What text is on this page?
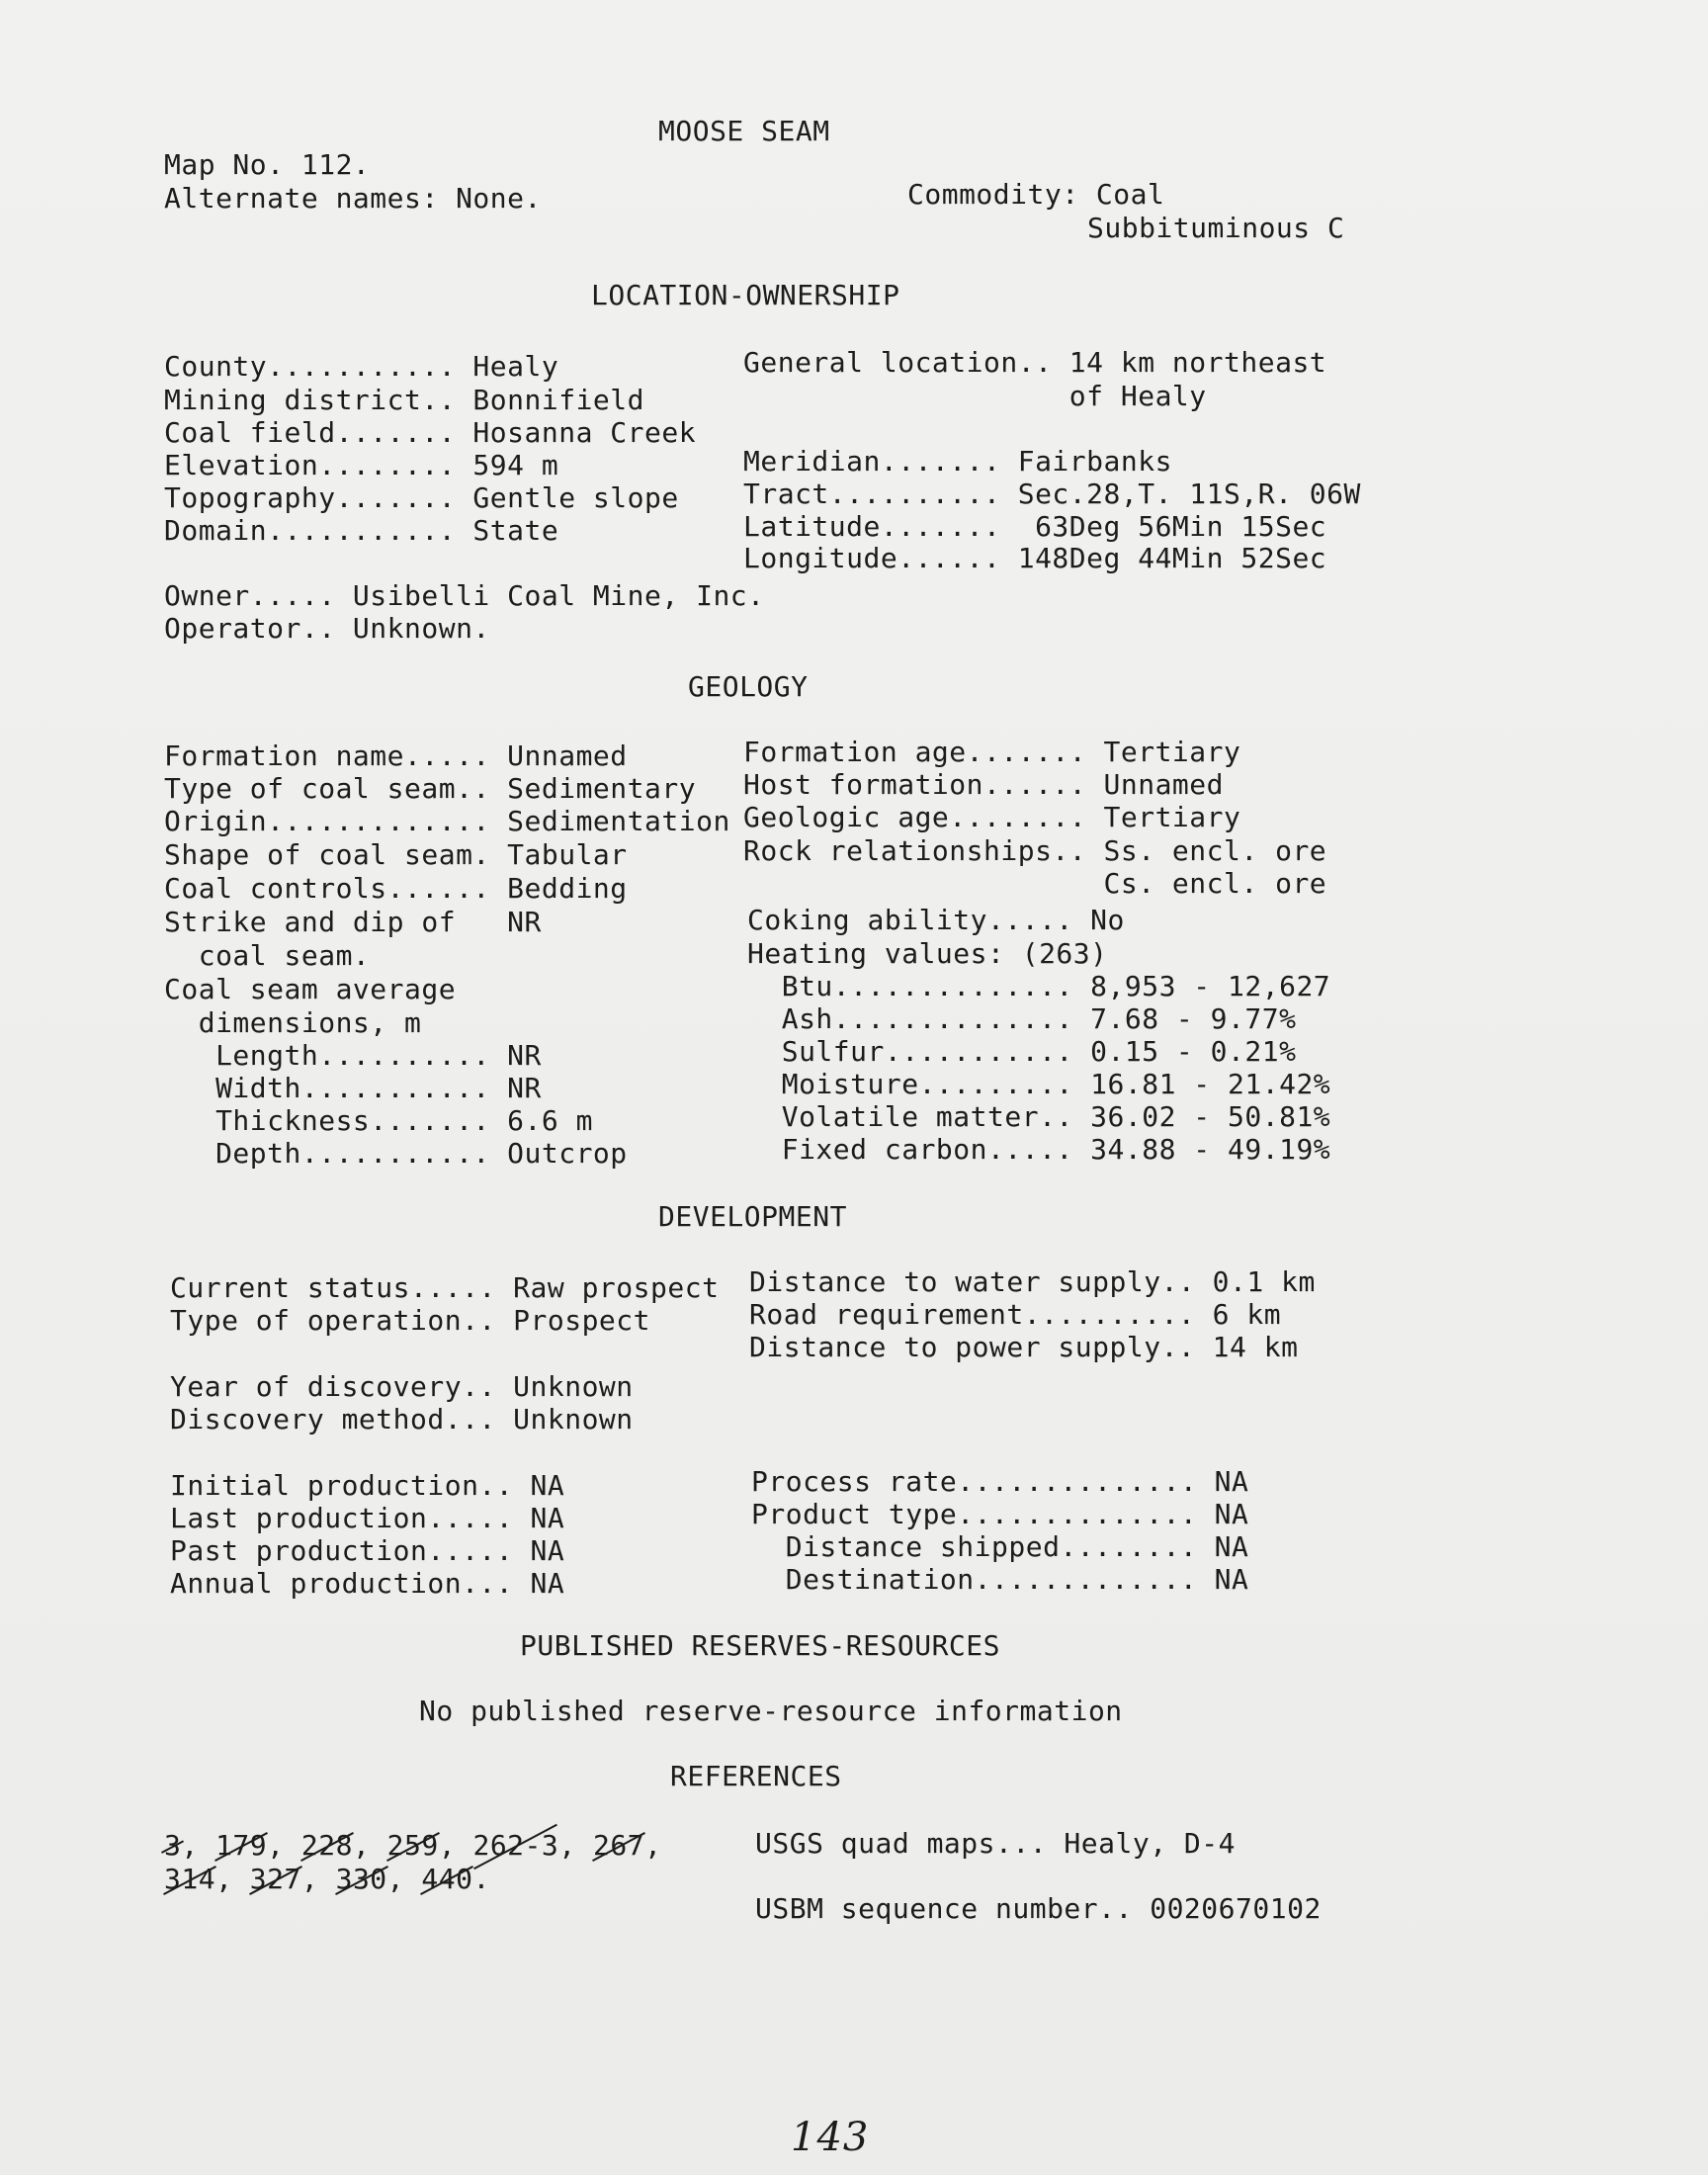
MOOSE SEAM
Map No. 112.
Alternate names: None.	Commodity: Coal
Subbituminous C
LOCATION-OWNERSHIP
County........... Healy
Mining district.. Bonnifield
Coal field....... Hosanna Creek
Elevation........ 594 m
Topography....... Gentle slope
Domain........... State
General location.. 14 km northeast
of Healy
Meridian....... Fairbanks
Tract.......... Sec.28,T. 11S,R. 06W
Latitude.......  63Deg 56Min 15Sec
Longitude...... 148Deg 44Min 52Sec
Owner..... Usibelli Coal Mine, Inc.
Operator.. Unknown.
GEOLOGY
Formation name..... Unnamed
Type of coal seam.. Sedimentary
Origin............. Sedimentation
Shape of coal seam. Tabular
Coal controls...... Bedding
Strike and dip of   NR
coal seam.
Coal seam average
dimensions, m
Length.......... NR
Width........... NR
Thickness....... 6.6 m
Depth........... Outcrop
Formation age....... Tertiary
Host formation...... Unnamed
Geologic age........ Tertiary
Rock relationships.. Ss. encl. ore
Cs. encl. ore
Coking ability..... No
Heating values: (263)
Btu.............. 8,953 - 12,627
Ash.............. 7.68 - 9.77%
Sulfur........... 0.15 - 0.21%
Moisture......... 16.81 - 21.42%
Volatile matter.. 36.02 - 50.81%
Fixed carbon..... 34.88 - 49.19%
DEVELOPMENT
Current status..... Raw prospect
Type of operation.. Prospect
Year of discovery.. Unknown
Discovery method... Unknown
Initial production.. NA
Last production..... NA
Past production..... NA
Annual production... NA
Distance to water supply.. 0.1 km
Road requirement.......... 6 km
Distance to power supply.. 14 km
Process rate.............. NA
Product type.............. NA
Distance shipped........ NA
Destination............. NA
PUBLISHED RESERVES-RESOURCES
No published reserve-resource information
REFERENCES
3, 179, 228, 259, 262-3, 267,
314, 327, 330, 440.
USGS quad maps... Healy, D-4
USBM sequence number.. 0020670102
143
